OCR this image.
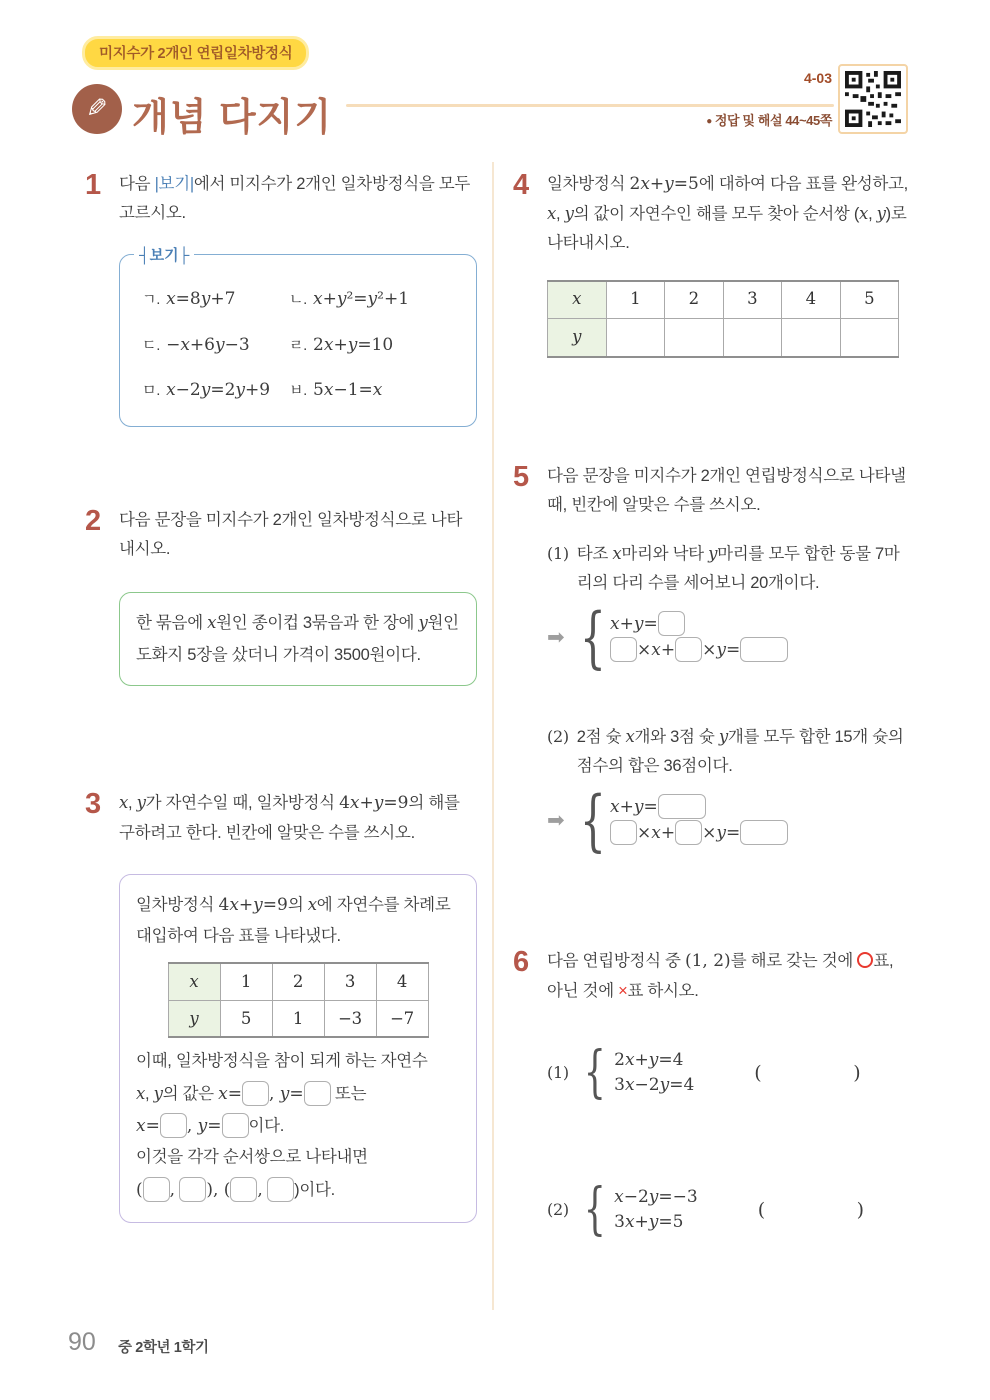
미지수가 2개인 연립일차방정식
✎ 개념 다지기
4-03
● 정답 및 해설 44~45쪽
1	다음 |보기|에서 미지수가 2개인 일차방정식을 모두 고르시오.
┤보기├
ㄱ. x=8y+7	ㄴ. x+y²=y²+1
ㄷ. −x+6y−3	ㄹ. 2x+y=10
ㅁ. x−2y=2y+9	ㅂ. 5x−1=x
2	다음 문장을 미지수가 2개인 일차방정식으로 나타내시오.
한 묶음에 x원인 종이컵 3묶음과 한 장에 y원인 도화지 5장을 샀더니 가격이 3500원이다.
3	x, y가 자연수일 때, 일차방정식 4x+y=9의 해를 구하려고 한다. 빈칸에 알맞은 수를 쓰시오.
일차방정식 4x+y=9의 x에 자연수를 차례로 대입하여 다음 표를 나타냈다.
x	1	2	3	4
y	5	1	−3	−7
이때, 일차방정식을 참이 되게 하는 자연수
x, y의 값은 x= , y= 또는
x= , y= 이다.
이것을 각각 순서쌍으로 나타내면
( , ), ( , )이다.
4	일차방정식 2x+y=5에 대하여 다음 표를 완성하고, x, y의 값이 자연수인 해를 모두 찾아 순서쌍 (x, y)로 나타내시오.
x	1	2	3	4	5
y					
5	다음 문장을 미지수가 2개인 연립방정식으로 나타낼 때, 빈칸에 알맞은 수를 쓰시오.
(1) 타조 x마리와 낙타 y마리를 모두 합한 동물 7마리의 다리 수를 세어보니 20개이다.
➡ { x+y=
×x+ ×y=
(2) 2점 슛 x개와 3점 슛 y개를 모두 합한 15개 슛의 점수의 합은 36점이다.
➡ { x+y=
×x+ ×y=
6	다음 연립방정식 중 (1, 2)를 해로 갖는 것에 ○표, 아닌 것에 ×표 하시오.
(1) { 2x+y=4
3x−2y=4
(	)
(2) { x−2y=−3
3x+y=5
(	)
90 중 2학년 1학기
